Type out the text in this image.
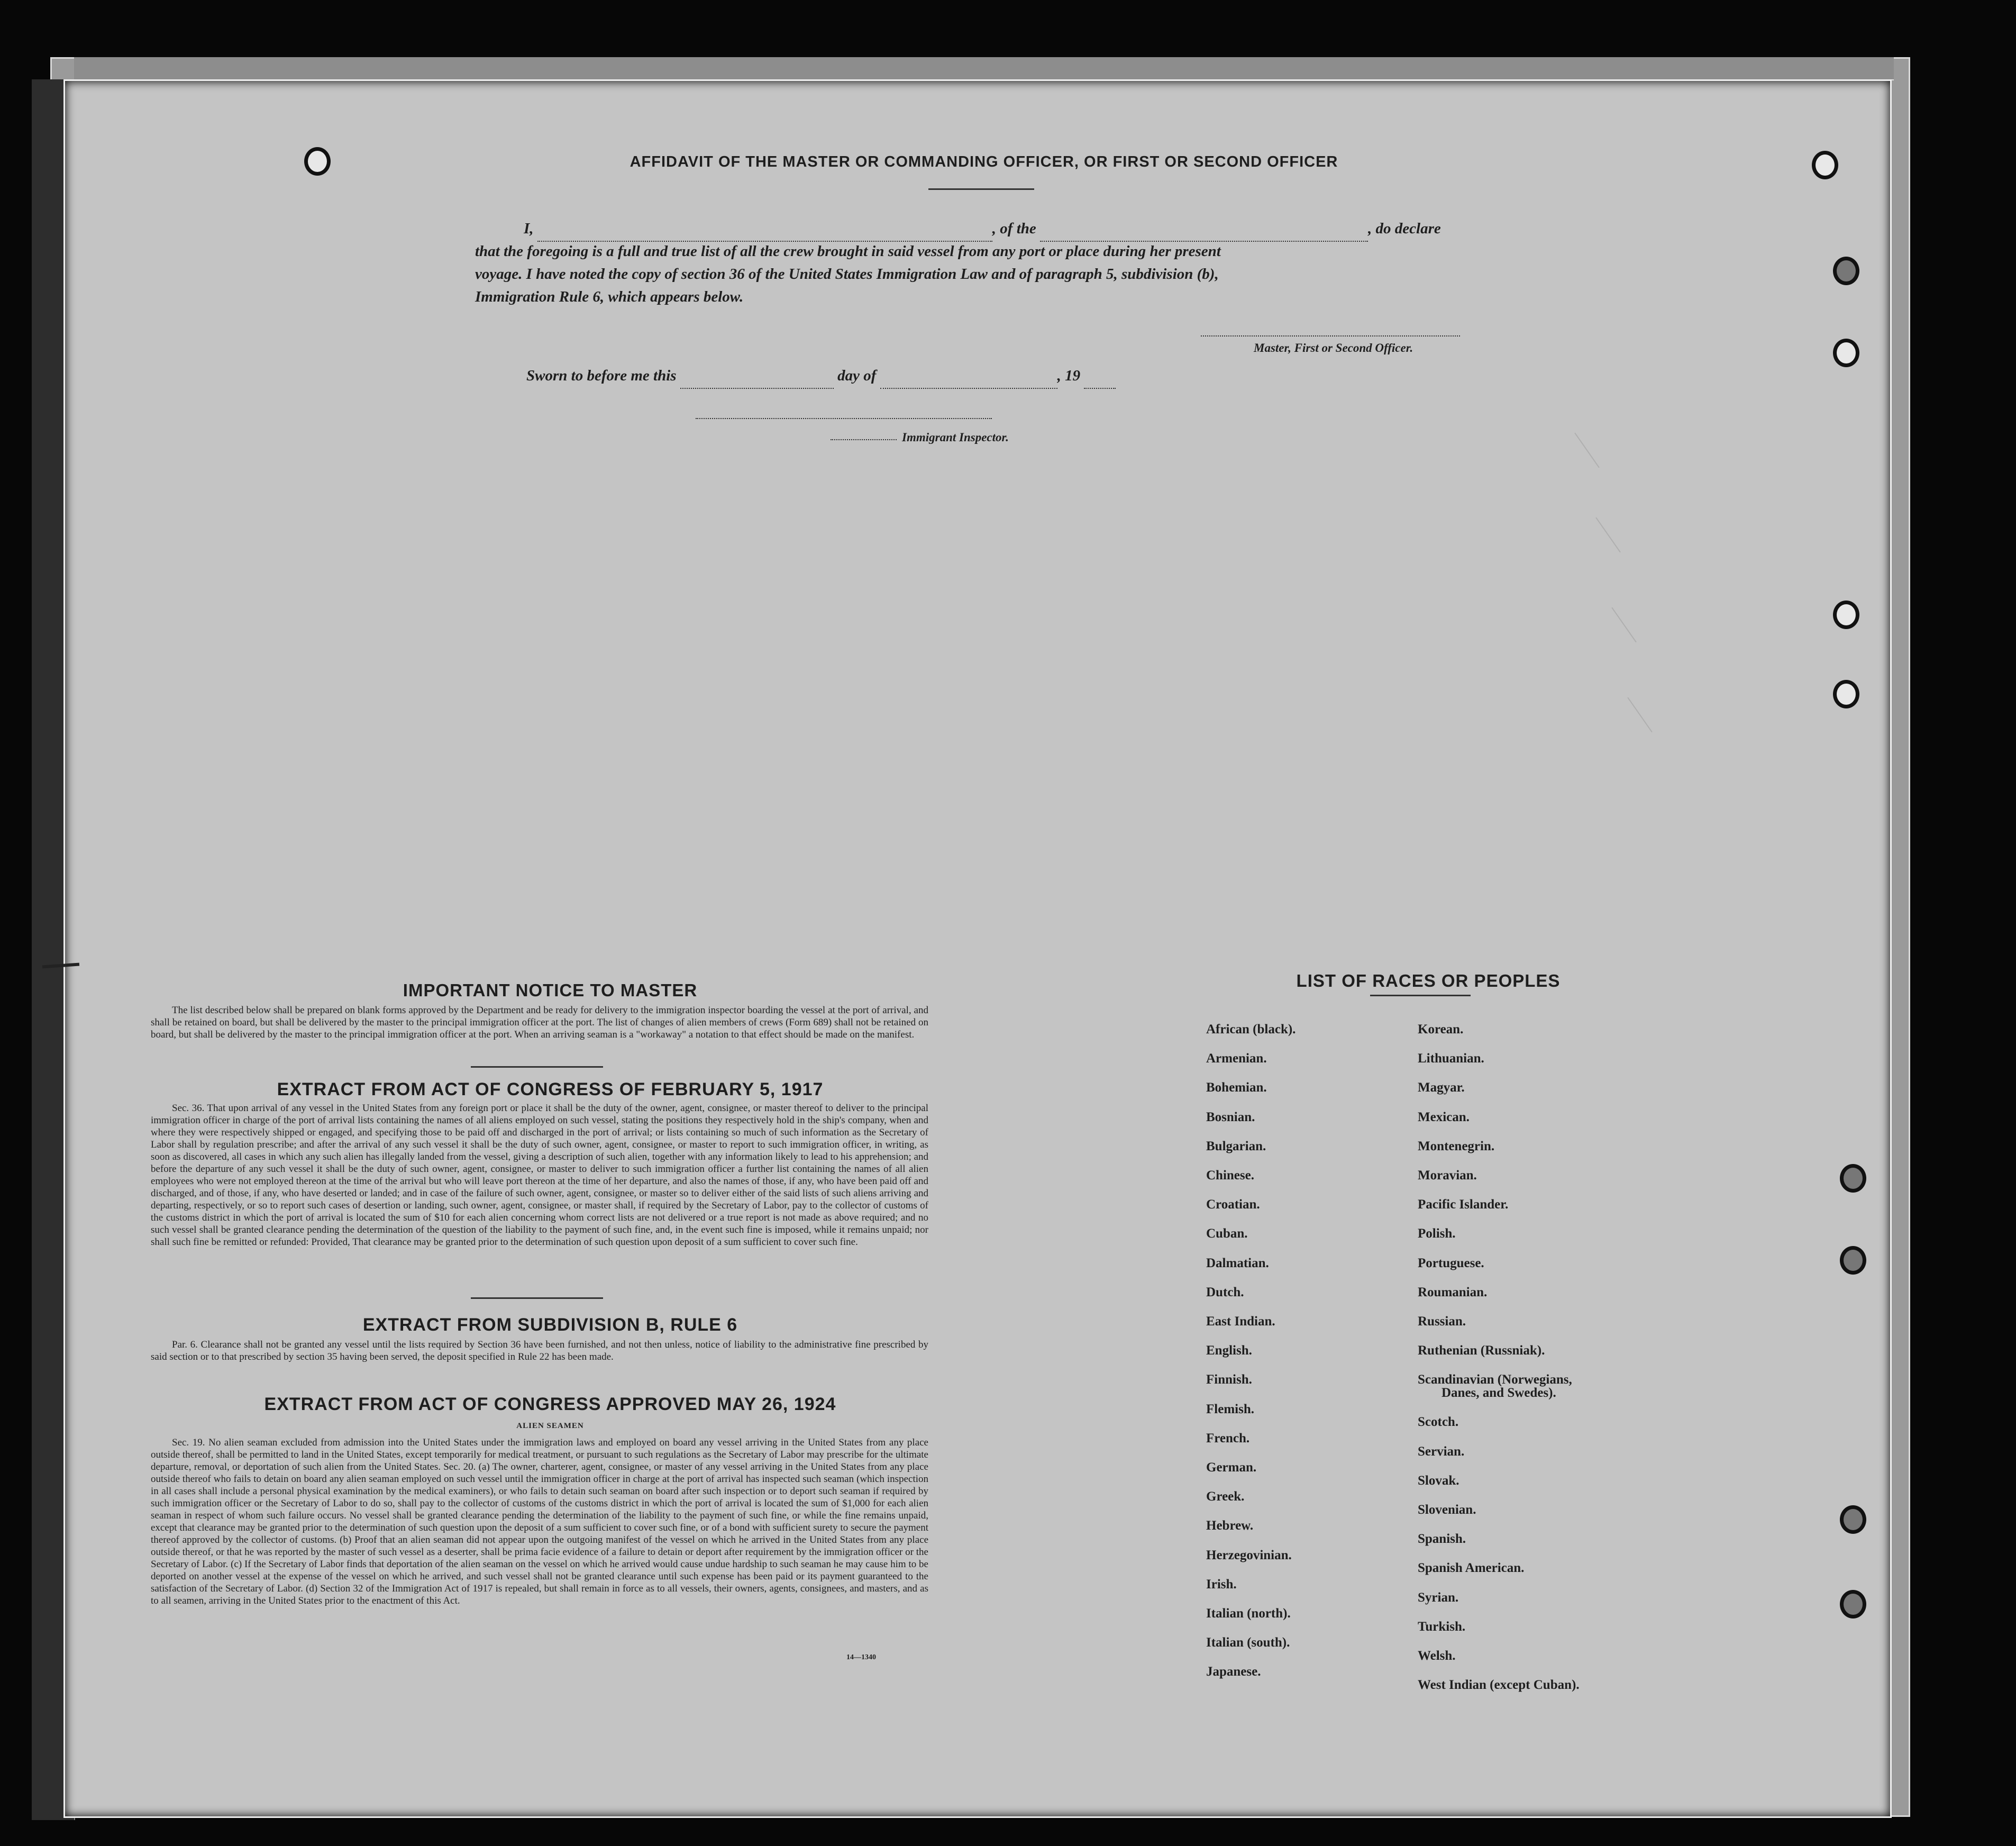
AFFIDAVIT OF THE MASTER OR COMMANDING OFFICER, OR FIRST OR SECOND OFFICER
I,	, of the	, do declare
that the foregoing is a full and true list of all the crew brought in said vessel from any port or place during her present
voyage. I have noted the copy of section 36 of the United States Immigration Law and of paragraph 5, subdivision (b),
Immigration Rule 6, which appears below.
Master, First or Second Officer.
Sworn to before me this	day of	, 19
Immigrant Inspector.
IMPORTANT NOTICE TO MASTER
The list described below shall be prepared on blank forms approved by the Department and be ready for delivery to the immigration inspector boarding the vessel at the port of arrival, and shall be retained on board, but shall be delivered by the master to the principal immigration officer at the port. The list of changes of alien members of crews (Form 689) shall not be retained on board, but shall be delivered by the master to the principal immigration officer at the port. When an arriving seaman is a "workaway" a notation to that effect should be made on the manifest.
EXTRACT FROM ACT OF CONGRESS OF FEBRUARY 5, 1917
Sec. 36. That upon arrival of any vessel in the United States from any foreign port or place it shall be the duty of the owner, agent, consignee, or master thereof to deliver to the principal immigration officer in charge of the port of arrival lists containing the names of all aliens employed on such vessel, stating the positions they respectively hold in the ship's company, when and where they were respectively shipped or engaged, and specifying those to be paid off and discharged in the port of arrival; or lists containing so much of such information as the Secretary of Labor shall by regulation prescribe; and after the arrival of any such vessel it shall be the duty of such owner, agent, consignee, or master to report to such immigration officer, in writing, as soon as discovered, all cases in which any such alien has illegally landed from the vessel, giving a description of such alien, together with any information likely to lead to his apprehension; and before the departure of any such vessel it shall be the duty of such owner, agent, consignee, or master to deliver to such immigration officer a further list containing the names of all alien employees who were not employed thereon at the time of the arrival but who will leave port thereon at the time of her departure, and also the names of those, if any, who have been paid off and discharged, and of those, if any, who have deserted or landed; and in case of the failure of such owner, agent, consignee, or master so to deliver either of the said lists of such aliens arriving and departing, respectively, or so to report such cases of desertion or landing, such owner, agent, consignee, or master shall, if required by the Secretary of Labor, pay to the collector of customs of the customs district in which the port of arrival is located the sum of $10 for each alien concerning whom correct lists are not delivered or a true report is not made as above required; and no such vessel shall be granted clearance pending the determination of the question of the liability to the payment of such fine, and, in the event such fine is imposed, while it remains unpaid; nor shall such fine be remitted or refunded: Provided, That clearance may be granted prior to the determination of such question upon deposit of a sum sufficient to cover such fine.
EXTRACT FROM SUBDIVISION B, RULE 6
Par. 6. Clearance shall not be granted any vessel until the lists required by Section 36 have been furnished, and not then unless, notice of liability to the administrative fine prescribed by said section or to that prescribed by section 35 having been served, the deposit specified in Rule 22 has been made.
EXTRACT FROM ACT OF CONGRESS APPROVED MAY 26, 1924
ALIEN SEAMEN
Sec. 19. No alien seaman excluded from admission into the United States under the immigration laws and employed on board any vessel arriving in the United States from any place outside thereof, shall be permitted to land in the United States, except temporarily for medical treatment, or pursuant to such regulations as the Secretary of Labor may prescribe for the ultimate departure, removal, or deportation of such alien from the United States. Sec. 20. (a) The owner, charterer, agent, consignee, or master of any vessel arriving in the United States from any place outside thereof who fails to detain on board any alien seaman employed on such vessel until the immigration officer in charge at the port of arrival has inspected such seaman (which inspection in all cases shall include a personal physical examination by the medical examiners), or who fails to detain such seaman on board after such inspection or to deport such seaman if required by such immigration officer or the Secretary of Labor to do so, shall pay to the collector of customs of the customs district in which the port of arrival is located the sum of $1,000 for each alien seaman in respect of whom such failure occurs. No vessel shall be granted clearance pending the determination of the liability to the payment of such fine, or while the fine remains unpaid, except that clearance may be granted prior to the determination of such question upon the deposit of a sum sufficient to cover such fine, or of a bond with sufficient surety to secure the payment thereof approved by the collector of customs. (b) Proof that an alien seaman did not appear upon the outgoing manifest of the vessel on which he arrived in the United States from any place outside thereof, or that he was reported by the master of such vessel as a deserter, shall be prima facie evidence of a failure to detain or deport after requirement by the immigration officer or the Secretary of Labor. (c) If the Secretary of Labor finds that deportation of the alien seaman on the vessel on which he arrived would cause undue hardship to such seaman he may cause him to be deported on another vessel at the expense of the vessel on which he arrived, and such vessel shall not be granted clearance until such expense has been paid or its payment guaranteed to the satisfaction of the Secretary of Labor. (d) Section 32 of the Immigration Act of 1917 is repealed, but shall remain in force as to all vessels, their owners, agents, consignees, and masters, and as to all seamen, arriving in the United States prior to the enactment of this Act.
14—1340
LIST OF RACES OR PEOPLES
African (black).
Armenian.
Bohemian.
Bosnian.
Bulgarian.
Chinese.
Croatian.
Cuban.
Dalmatian.
Dutch.
East Indian.
English.
Finnish.
Flemish.
French.
German.
Greek.
Hebrew.
Herzegovinian.
Irish.
Italian (north).
Italian (south).
Japanese.
Korean.
Lithuanian.
Magyar.
Mexican.
Montenegrin.
Moravian.
Pacific Islander.
Polish.
Portuguese.
Roumanian.
Russian.
Ruthenian (Russniak).
Scandinavian (Norwegians,
Danes, and Swedes).
Scotch.
Servian.
Slovak.
Slovenian.
Spanish.
Spanish American.
Syrian.
Turkish.
Welsh.
West Indian (except Cuban).
